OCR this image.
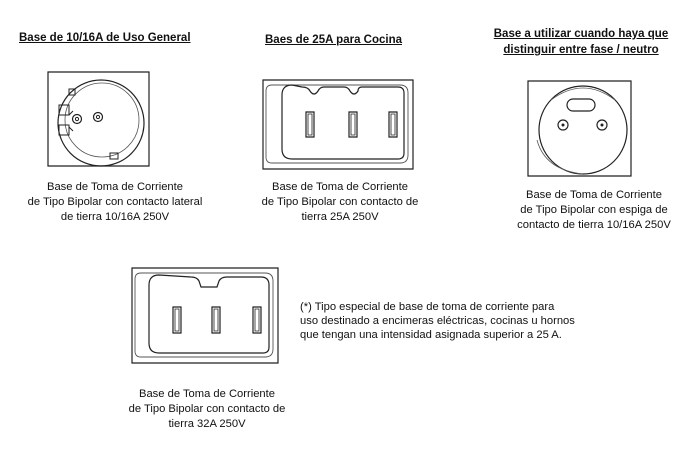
Base de 10/16A de Uso General	Baes de 25A para Cocina	Base a utilizar cuando haya que
distinguir entre fase / neutro
Base de Toma de Corriente
de Tipo Bipolar con contacto lateral
de tierra 10/16A 250V
Base de Toma de Corriente
de Tipo Bipolar con contacto de
tierra 25A 250V
Base de Toma de Corriente
de Tipo Bipolar con espiga de
contacto de tierra 10/16A 250V
Base de Toma de Corriente
de Tipo Bipolar con contacto de
tierra 32A 250V
(*) Tipo especial de base de toma de corriente para
uso destinado a encimeras eléctricas, cocinas u hornos
que tengan una intensidad asignada superior a 25 A.
